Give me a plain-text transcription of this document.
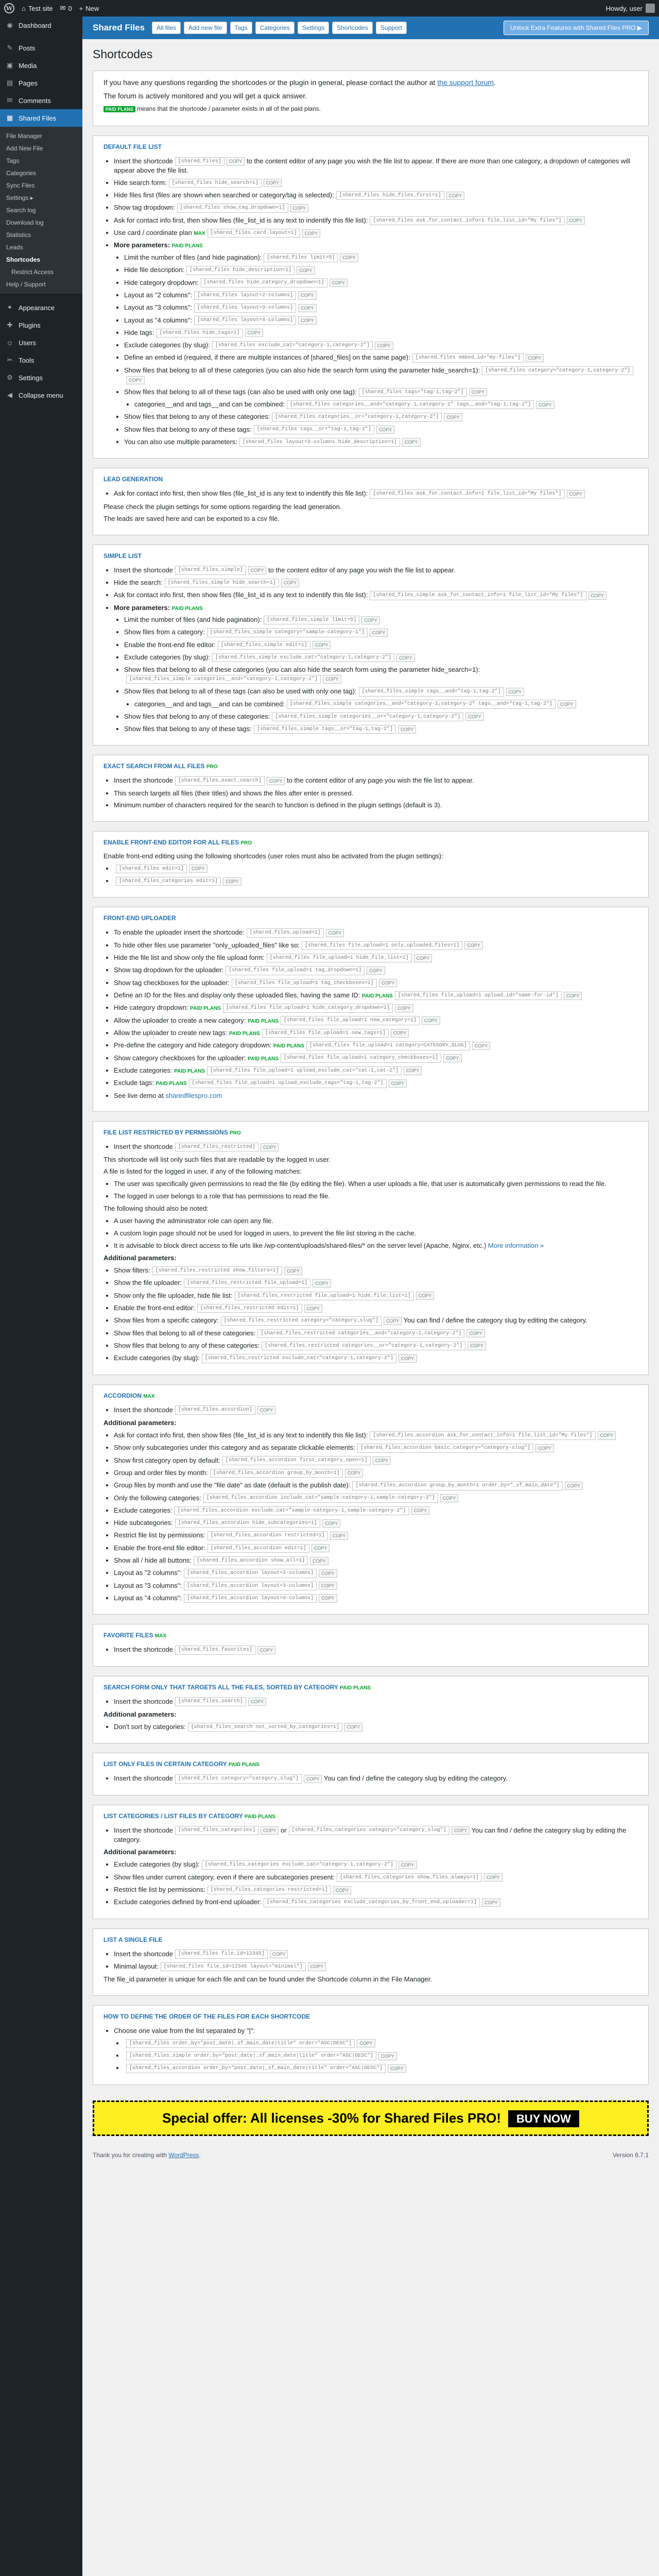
W ⌂ Test site ✉ 0 + New	Howdy, user
◉ Dashboard
✎ Posts
▣ Media
▤ Pages
✉ Comments
▦ Shared Files
File Manager
Add New File
Tags
Categories
Sync Files
Settings ▸
Search log
Download log
Statistics
Leads
Shortcodes
Restrict Access
Help / Support
✦ Appearance
✚ Plugins
☺ Users
✂ Tools
⚙ Settings
◀ Collapse menu
Shared Files	All files	Add new file	Tags	Categories	Settings	Shortcodes	Support	Unlock Extra Features with Shared Files PRO ▶
Shortcodes

If you have any questions regarding the shortcodes or the plugin in general, please contact the author at the support forum.

The forum is actively monitored and you will get a quick answer.

PAID PLANS means that the shortcode / parameter exists in all of the paid plans.

DEFAULT FILE LIST
• Insert the shortcode [shared_files] COPY to the content editor of any page you wish the file list to appear. If there are more than one category, a dropdown of categories will appear above the file list.
• Hide search form: [shared_files hide_search=1] COPY
• Hide files first (files are shown when searched or category/tag is selected): [shared_files hide_files_first=1] COPY
• Show tag dropdown: [shared_files show_tag_dropdown=1] COPY
• Ask for contact info first, then show files (file_list_id is any text to indentify this file list): [shared_files ask_for_contact_info=1 file_list_id="My files"] COPY
• Use card / coordinate plan MAX [shared_files card_layout=1] COPY
• More parameters: PAID PLANS
• Limit the number of files (and hide pagination): [shared_files limit=5] COPY
• Hide file description: [shared_files hide_description=1] COPY
• Hide category dropdown: [shared_files hide_category_dropdown=1] COPY
• Layout as "2 columns": [shared_files layout=2-columns] COPY
• Layout as "3 columns": [shared_files layout=3-columns] COPY
• Layout as "4 columns": [shared_files layout=4-columns] COPY
• Hide tags: [shared_files hide_tags=1] COPY
• Exclude categories (by slug): [shared_files exclude_cat="category-1,category-2"] COPY
• Define an embed id (required, if there are multiple instances of [shared_files] on the same page): [shared_files embed_id="my-files"] COPY
• Show files that belong to all of these categories (you can also hide the search form using the parameter hide_search=1): [shared_files category="category-1,category-2"]COPY
• Show files that belong to all of these tags (can also be used with only one tag): [shared_files tags="tag-1,tag-2"] COPY
• categories__and and tags__and can be combined: [shared_files categories__and="category-1,category-2" tags__and="tag-1,tag-2"] COPY
• Show files that belong to any of these categories: [shared_files categories__or="category-1,category-2"] COPY
• Show files that belong to any of these tags: [shared_files tags__or="tag-1,tag-2"] COPY
• You can also use multiple parameters: [shared_files layout=3-columns hide_description=1] COPY
LEAD GENERATION
• Ask for contact info first, then show files (file_list_id is any text to indentify this file list): [shared_files ask_for_contact_info=1 file_list_id="My files"] COPY

Please check the plugin settings for some options regarding the lead generation.

The leads are saved here and can be exported to a csv file.

SIMPLE LIST
• Insert the shortcode [shared_files_simple] COPY to the content editor of any page you wish the file list to appear.
• Hide the search: [shared_files_simple hide_search=1] COPY
• Ask for contact info first, then show files (file_list_id is any text to indentify this file list): [shared_files_simple ask_for_contact_info=1 file_list_id="My files"] COPY
• More parameters: PAID PLANS
• Limit the number of files (and hide pagination): [shared_files_simple limit=5] COPY
• Show files from a category: [shared_files_simple category="sample-category-1"] COPY
• Enable the front-end file editor: [shared_files_simple edit=1] COPY
• Exclude categories (by slug): [shared_files_simple exclude_cat="category-1,category-2"] COPY
• Show files that belong to all of these categories (you can also hide the search form using the parameter hide_search=1):[shared_files_simple categories__and="category-1,category-2"] COPY
• Show files that belong to all of these tags (can also be used with only one tag): [shared_files_simple tags__and="tag-1,tag-2"] COPY
• categories__and and tags__and can be combined: [shared_files_simple categories__and="category-1,category-2" tags__and="tag-1,tag-2"] COPY
• Show files that belong to any of these categories: [shared_files_simple categories__or="category-1,category-2"] COPY
• Show files that belong to any of these tags: [shared_files_simple tags__or="tag-1,tag-2"] COPY
EXACT SEARCH FROM ALL FILES PRO
• Insert the shortcode [shared_files_exact_search] COPY to the content editor of any page you wish the file list to appear.
• This search targets all files (their titles) and shows the files after enter is pressed.
• Minimum number of characters required for the search to function is defined in the plugin settings (default is 3).
ENABLE FRONT-END EDITOR FOR ALL FILES PRO

Enable front-end editing using the following shortcodes (user roles must also be activated from the plugin settings):

• [shared_files edit=1] COPY
• [shared_files_categories edit=1] COPY
FRONT-END UPLOADER
• To enable the uploader insert the shortcode: [shared_files_upload=1] COPY
• To hide other files use parameter "only_uploaded_files" like so: [shared_files file_upload=1 only_uploaded_files=1] COPY
• Hide the file list and show only the file upload form: [shared_files file_upload=1 hide_file_list=1] COPY
• Show tag dropdown for the uploader: [shared_files file_upload=1 tag_dropdown=1] COPY
• Show tag checkboxes for the uploader: [shared_files file_upload=1 tag_checkboxes=1] COPY
• Define an ID for the files and display only these uploaded files, having the same ID: PAID PLANS [shared_files file_upload=1 upload_id="name-for-id"] COPY
• Hide category dropdown: PAID PLANS [shared_files file_upload=1 hide_category_dropdown=1] COPY
• Allow the uploader to create a new category: PAID PLANS [shared_files file_upload=1 new_category=1] COPY
• Allow the uploader to create new tags: PAID PLANS [shared_files file_upload=1 new_tags=1] COPY
• Pre-define the category and hide category dropdown: PAID PLANS [shared_files file_upload=1 category=CATEGORY_SLUG] COPY
• Show category checkboxes for the uploader: PAID PLANS [shared_files file_upload=1 category_checkboxes=1] COPY
• Exclude categories: PAID PLANS [shared_files file_upload=1 upload_exclude_cat="cat-1,cat-2"] COPY
• Exclude tags: PAID PLANS [shared_files file_upload=1 upload_exclude_tags="tag-1,tag-2"] COPY
• See live demo at sharedfilespro.com
FILE LIST RESTRICTED BY PERMISSIONS PRO
• Insert the shortcode [shared_files_restricted] COPY

This shortcode will list only such files that are readable by the logged in user.

A file is listed for the logged in user, if any of the following matches:

• The user was specifically given permissions to read the file (by editing the file). When a user uploads a file, that user is automatically given permissions to read the file.
• The logged in user belongs to a role that has permissions to read the file.

The following should also be noted:

• A user having the administrator role can open any file.
• A custom login page should not be used for logged in users, to prevent the file list storing in the cache.
• It is advisable to block direct access to file urls like /wp-content/uploads/shared-files/* on the server level (Apache, Nginx, etc.) More information »

Additional parameters:

• Show filters: [shared_files_restricted show_filters=1] COPY
• Show the file uploader: [shared_files_restricted file_upload=1] COPY
• Show only the file uploader, hide file list: [shared_files_restricted file_upload=1 hide_file_list=1] COPY
• Enable the front-end editor: [shared_files_restricted edit=1] COPY
• Show files from a specific category: [shared_files_restricted category="category_slug"] COPY You can find / define the category slug by editing the category.
• Show files that belong to all of these categories: [shared_files_restricted categories__and="category-1,category-2"] COPY
• Show files that belong to any of these categories: [shared_files_restricted categories__or="category-1,category-2"] COPY
• Exclude categories (by slug): [shared_files_restricted exclude_cat="category-1,category-2"] COPY
ACCORDION MAX
• Insert the shortcode [shared_files_accordion] COPY

Additional parameters:

• Ask for contact info first, then show files (file_list_id is any text to indentify this file list): [shared_files_accordion ask_for_contact_info=1 file_list_id="My files"] COPY
• Show only subcategories under this category and as separate clickable elements: [shared_files_accordion basic_category="category-slug"] COPY
• Show first category open by default: [shared_files_accordion first_category_open=1] COPY
• Group and order files by month: [shared_files_accordion group_by_month=1] COPY
• Group files by month and use the "file date" as date (default is the publish date): [shared_files_accordion group_by_month=1 order_by="_sf_main_date"] COPY
• Only the following categories: [shared_files_accordion include_cat="sample-category-1,sample-category-2"] COPY
• Exclude categories: [shared_files_accordion exclude_cat="sample-category-1,sample-category-2"] COPY
• Hide subcategories: [shared_files_accordion hide_subcategories=1] COPY
• Restrict file list by permissions: [shared_files_accordion restricted=1] COPY
• Enable the front-end file editor: [shared_files_accordion edit=1] COPY
• Show all / hide all buttons: [shared_files_accordion show_all=1] COPY
• Layout as "2 columns": [shared_files_accordion layout=2-columns] COPY
• Layout as "3 columns": [shared_files_accordion layout=3-columns] COPY
• Layout as "4 columns": [shared_files_accordion layout=4-columns] COPY
FAVORITE FILES MAX
• Insert the shortcode [shared_files_favorites] COPY
SEARCH FORM ONLY THAT TARGETS ALL THE FILES, SORTED BY CATEGORY PAID PLANS
• Insert the shortcode [shared_files_search] COPY

Additional parameters:

• Don't sort by categories: [shared_files_search not_sorted_by_categories=1] COPY
LIST ONLY FILES IN CERTAIN CATEGORY PAID PLANS
• Insert the shortcode [shared_files category="category_slug"] COPY You can find / define the category slug by editing the category.
LIST CATEGORIES / LIST FILES BY CATEGORY PAID PLANS
• Insert the shortcode [shared_files_categories] COPY or [shared_files_categories category="category_slug"] COPY You can find / define the category slug by editing the category.

Additional parameters:

• Exclude categories (by slug): [shared_files_categories exclude_cat="category-1,category-2"] COPY
• Show files under current category, even if there are subcategories present: [shared_files_categories show_files_always=1] COPY
• Restrict file list by permissions: [shared_files_categories restricted=1] COPY
• Exclude categories defined by front-end uploader: [shared_files_categories exclude_categories_by_front_end_uploader=1] COPY
LIST A SINGLE FILE
• Insert the shortcode [shared_files file_id=12345] COPY
• Minimal layout: [shared_files file_id=12345 layout="minimal"] COPY

The file_id parameter is unique for each file and can be found under the Shortcode column in the File Manager.

HOW TO DEFINE THE ORDER OF THE FILES FOR EACH SHORTCODE
• Choose one value from the list separated by "|":
• [shared_files order_by="post_date|_sf_main_date|title" order="ASC|DESC"] COPY
• [shared_files_simple order_by="post_date|_sf_main_date|title" order="ASC|DESC"] COPY
• [shared_files_accordion order_by="post_date|_sf_main_date|title" order="ASC|DESC"] COPY
Special offer: All licenses -30% for Shared Files PRO! BUY NOW
Thank you for creating with WordPress.	Version 6.7.1
